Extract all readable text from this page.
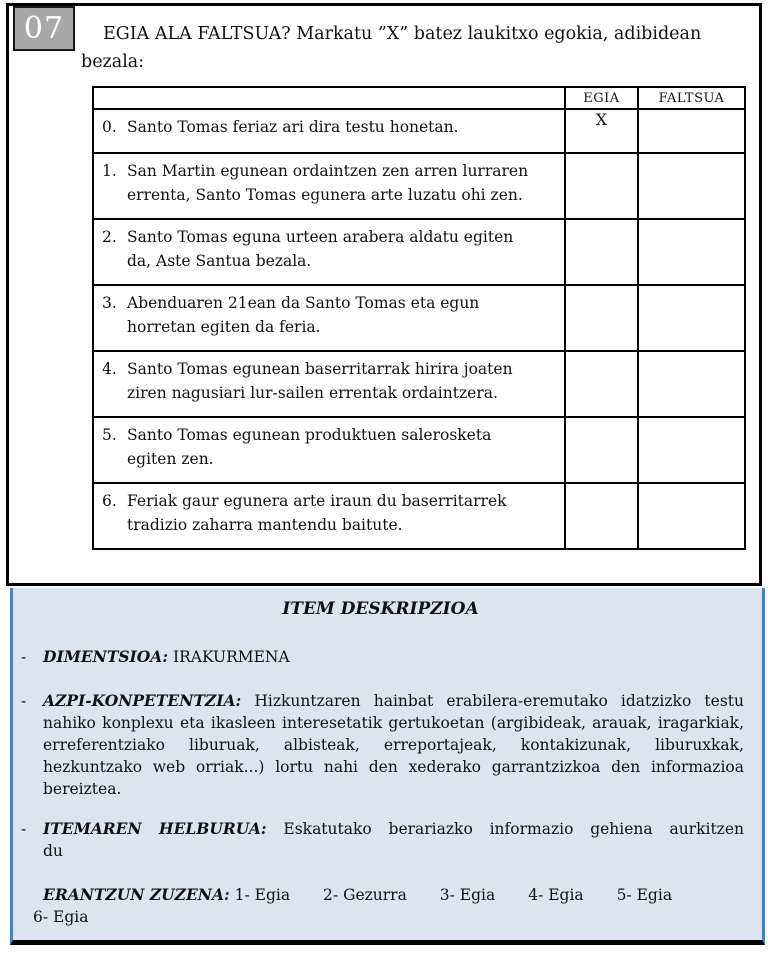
07	EGIA ALA FALTSUA? Markatu ”X” batez laukitxo egokia, adibidean bezala:
	EGIA	FALTSUA

0. Santo Tomas feriaz ari dira testu honetan.	X	

1. San Martin egunean ordaintzen zen arren lurraren
errenta, Santo Tomas egunera arte luzatu ohi zen.		

2. Santo Tomas eguna urteen arabera aldatu egiten
da, Aste Santua bezala.		

3. Abenduaren 21ean da Santo Tomas eta egun
horretan egiten da feria.		

4. Santo Tomas egunean baserritarrak hirira joaten
ziren nagusiari lur-sailen errentak ordaintzera.		

5. Santo Tomas egunean produktuen salerosketa
egiten zen.		

6. Feriak gaur egunera arte iraun du baserritarrek
tradizio zaharra mantendu baitute.		

ITEM DESKRIPZIOA
-	DIMENTSIOA: IRAKURMENA
-	AZPI-KONPETENTZIA: Hizkuntzaren hainbat erabilera-eremutako idatzizko testu nahiko konplexu eta ikasleen interesetatik gertukoetan (argibideak, arauak, iragarkiak, erreferentziako liburuak, albisteak, erreportajeak, kontakizunak, liburuxkak, hezkuntzako web orriak...) lortu nahi den xederako garrantzizkoa den informazioa bereiztea.
-	ITEMAREN HELBURUA: Eskatutako berariazko informazio gehiena aurkitzen
du
ERANTZUN ZUZENA: 1- Egia 2- Gezurra 3- Egia 4- Egia 5- Egia
6- Egia
